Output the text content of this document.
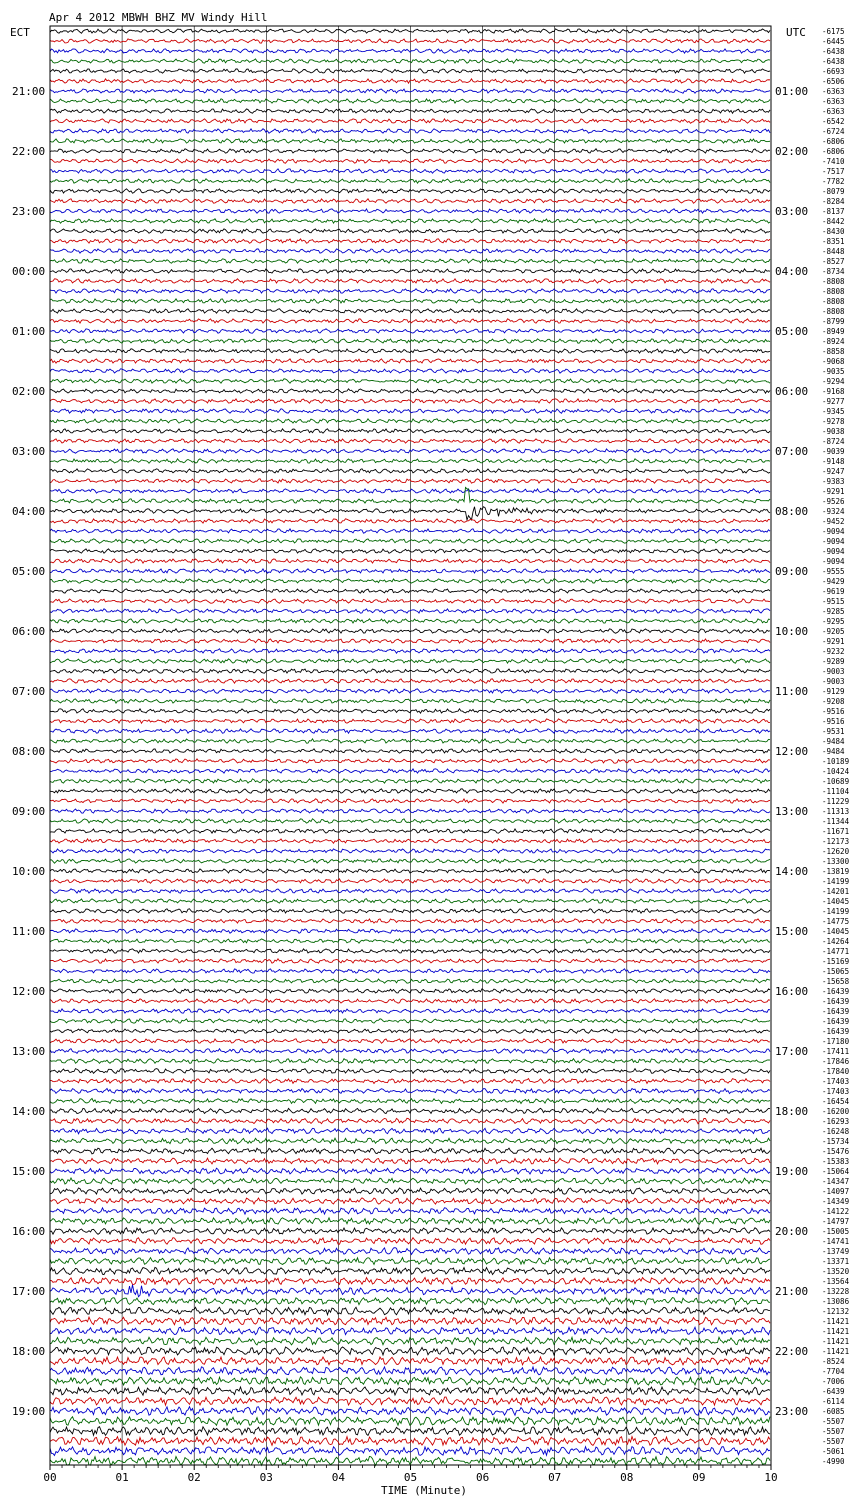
Apr 4 2012 MBWH BHZ MV Windy Hill
ECT	UTC
TIME (Minute)
-6175
-6445
-6438
-6438
-6693
-6506
-6363
-6363
-6363
-6542
-6724
-6806
-6806
-7410
-7517
-7782
-8079
-8284
-8137
-8442
-8430
-8351
-8448
-8527
-8734
-8808
-8808
-8808
-8808
-8799
-8949
-8924
-8858
-9068
-9035
-9294
-9168
-9277
-9345
-9278
-9038
-8724
-9039
-9148
-9247
-9383
-9291
-9526
-9324
-9452
-9094
-9094
-9094
-9094
-9555
-9429
-9619
-9515
-9285
-9295
-9205
-9291
-9232
-9289
-9003
-9003
-9129
-9208
-9516
-9516
-9531
-9484
-9484
-10189
-10424
-10689
-11104
-11229
-11313
-11344
-11671
-12173
-12620
-13300
-13819
-14199
-14201
-14045
-14199
-14775
-14045
-14264
-14771
-15169
-15065
-15658
-16439
-16439
-16439
-16439
-16439
-17180
-17411
-17846
-17840
-17403
-17403
-16454
-16200
-16293
-16248
-15734
-15476
-15383
-15064
-14347
-14097
-14349
-14122
-14797
-15005
-14741
-13749
-13371
-13520
-13564
-13228
-13086
-12132
-11421
-11421
-11421
-11421
-8524
-7704
-7006
-6439
-6114
-6085
-5507
-5507
-5507
-5061
-4990
21:00
22:00
23:00
00:00
01:00
02:00
03:00
04:00
05:00
06:00
07:00
08:00
09:00
10:00
11:00
12:00
13:00
14:00
15:00
16:00
17:00
18:00
19:00
01:00
02:00
03:00
04:00
05:00
06:00
07:00
08:00
09:00
10:00
11:00
12:00
13:00
14:00
15:00
16:00
17:00
18:00
19:00
20:00
21:00
22:00
23:00
00	01	02	03	04	05	06	07	08	09	10
